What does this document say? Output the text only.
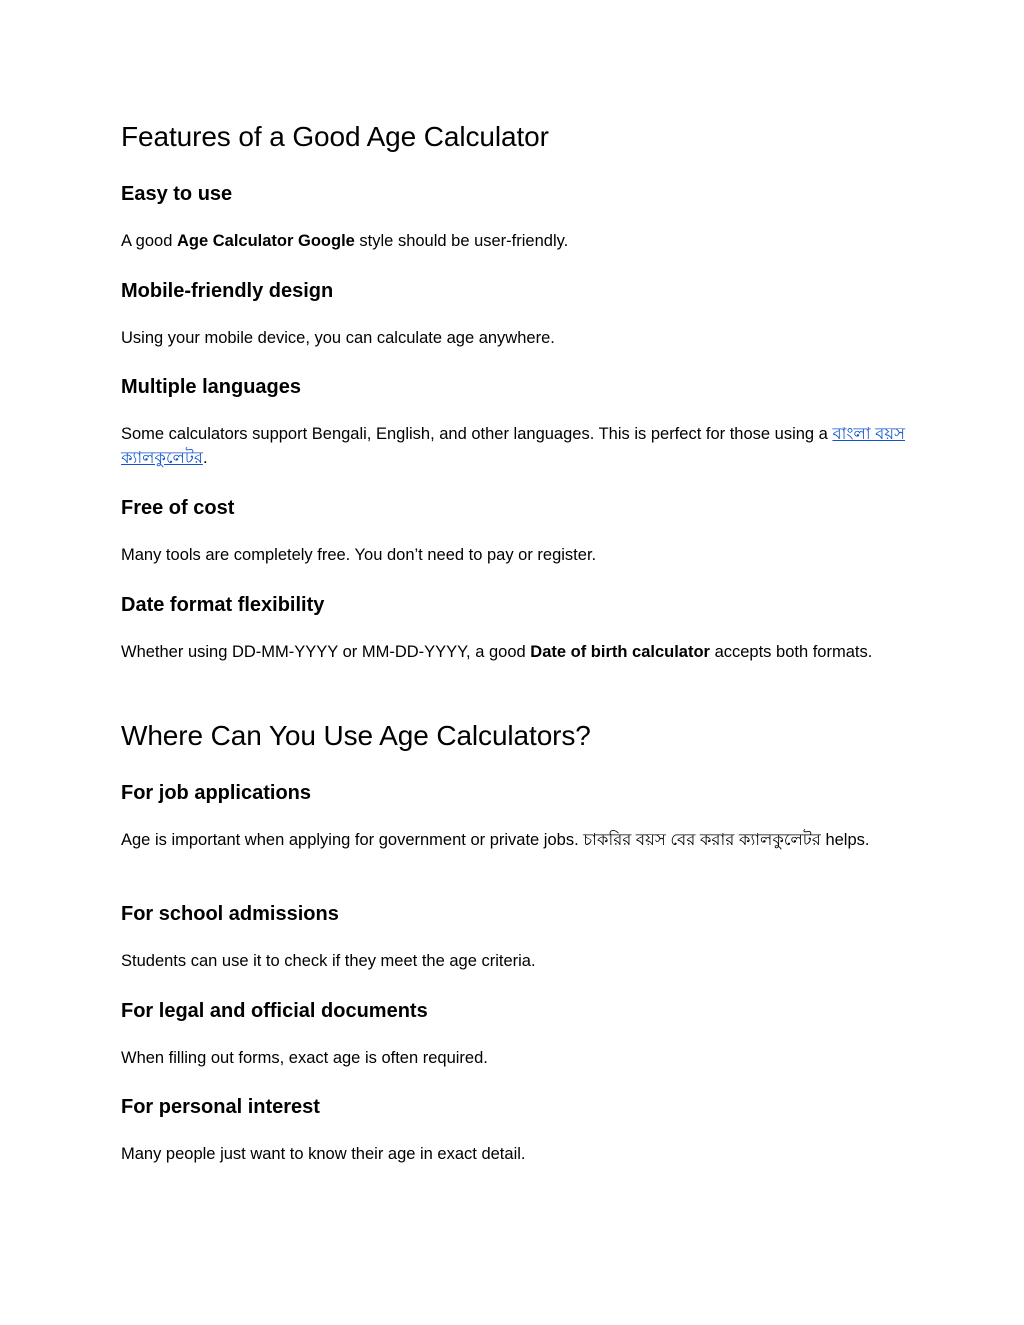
Features of a Good Age Calculator
Easy to use

A good Age Calculator Google style should be user-friendly.

Mobile-friendly design

Using your mobile device, you can calculate age anywhere.

Multiple languages

Some calculators support Bengali, English, and other languages. This is perfect for those using a বাংলা বয়স ক্যালকুলেটর.

Free of cost

Many tools are completely free. You don’t need to pay or register.

Date format flexibility

Whether using DD-MM-YYYY or MM-DD-YYYY, a good Date of birth calculator accepts both formats.

Where Can You Use Age Calculators?
For job applications

Age is important when applying for government or private jobs. চাকরির বয়স বের করার ক্যালকুলেটর helps.

For school admissions

Students can use it to check if they meet the age criteria.

For legal and official documents

When filling out forms, exact age is often required.

For personal interest

Many people just want to know their age in exact detail.
